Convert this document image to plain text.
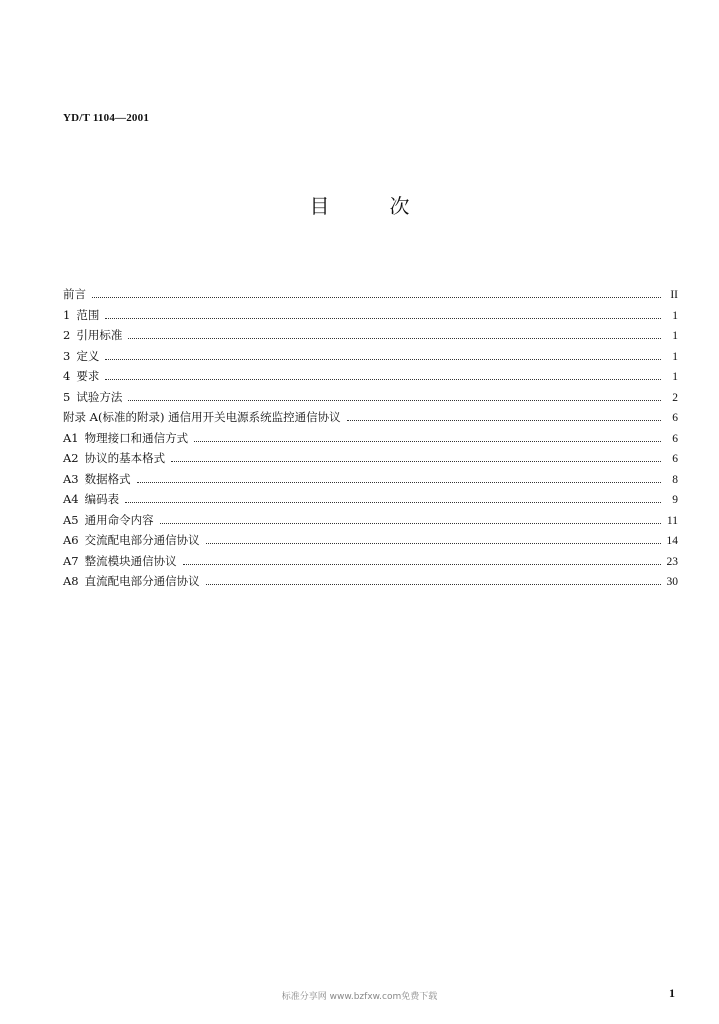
YD/T 1104—2001
目	次
前言	II
1 范围	1
2 引用标准	1
3 定义	1
4 要求	1
5 试验方法	2
附录 A(标准的附录) 通信用开关电源系统监控通信协议	6
A1 物理接口和通信方式	6
A2 协议的基本格式	6
A3 数据格式	8
A4 编码表	9
A5 通用命令内容	11
A6 交流配电部分通信协议	14
A7 整流模块通信协议	23
A8 直流配电部分通信协议	30
标准分享网 www.bzfxw.com免费下载	1
